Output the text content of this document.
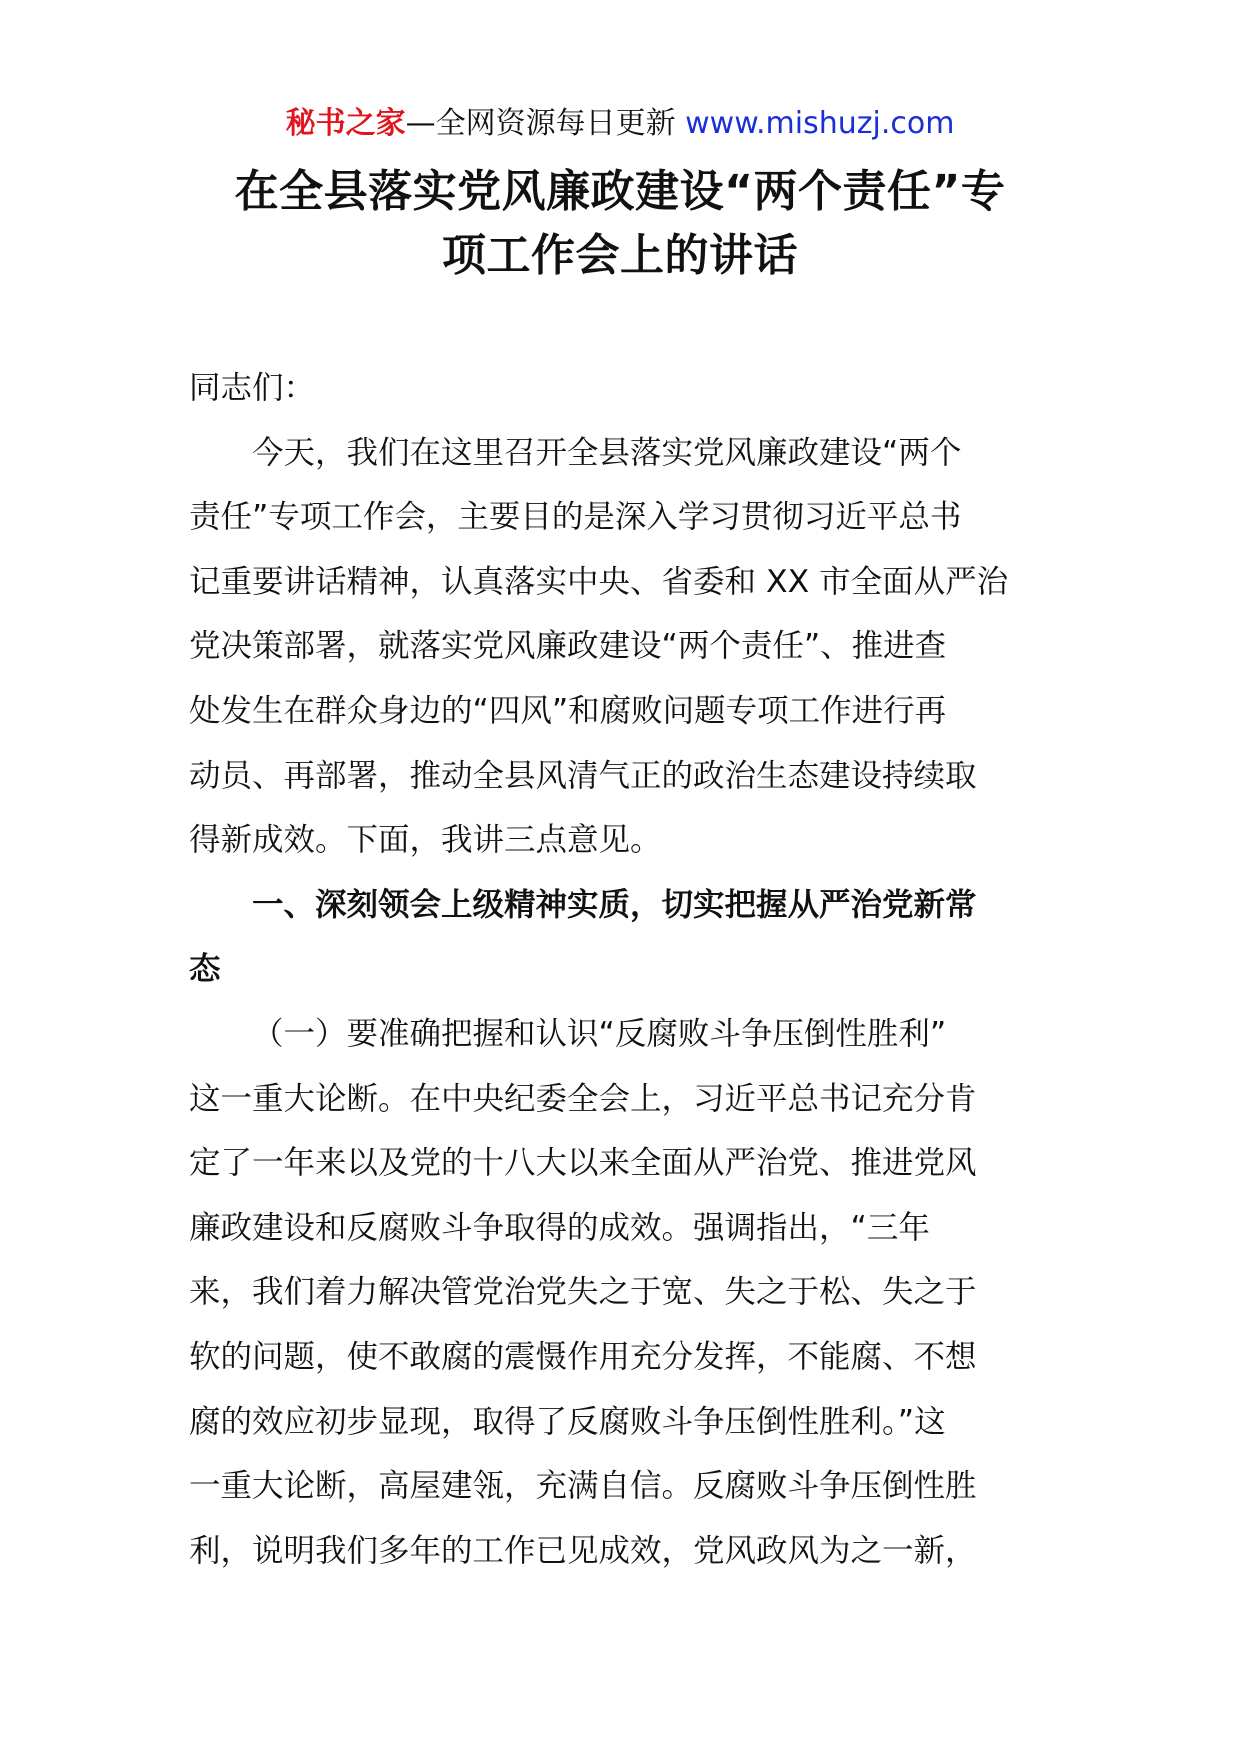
秘书之家—全网资源每日更新 www.mishuzj.com
在全县落实党风廉政建设“两个责任”专
项工作会上的讲话
同志们：
今天，我们在这里召开全县落实党风廉政建设“两个
责任”专项工作会，主要目的是深入学习贯彻习近平总书
记重要讲话精神，认真落实中央、省委和 XX 市全面从严治
党决策部署，就落实党风廉政建设“两个责任”、推进查
处发生在群众身边的“四风”和腐败问题专项工作进行再
动员、再部署，推动全县风清气正的政治生态建设持续取
得新成效。下面，我讲三点意见。
一、深刻领会上级精神实质，切实把握从严治党新常
态
（一）要准确把握和认识“反腐败斗争压倒性胜利”
这一重大论断。在中央纪委全会上，习近平总书记充分肯
定了一年来以及党的十八大以来全面从严治党、推进党风
廉政建设和反腐败斗争取得的成效。强调指出，“三年
来，我们着力解决管党治党失之于宽、失之于松、失之于
软的问题，使不敢腐的震慑作用充分发挥，不能腐、不想
腐的效应初步显现，取得了反腐败斗争压倒性胜利。”这
一重大论断，高屋建瓴，充满自信。反腐败斗争压倒性胜
利，说明我们多年的工作已见成效，党风政风为之一新，
